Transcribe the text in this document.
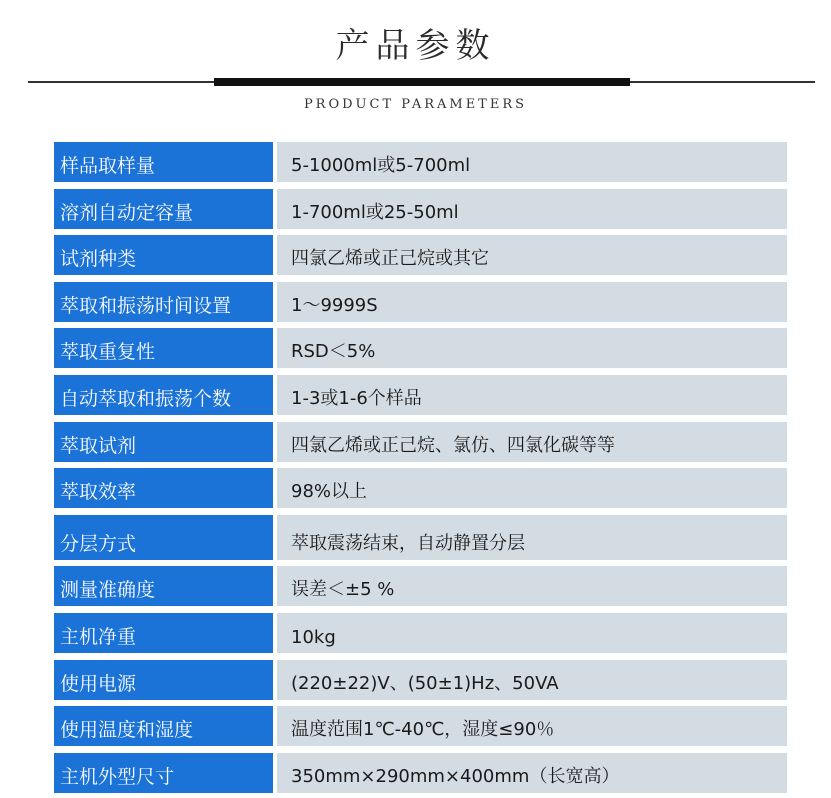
产品参数
PRODUCT PARAMETERS
样品取样量	5-1000ml或5-700ml
溶剂自动定容量	1-700ml或25-50ml
试剂种类	四氯乙烯或正己烷或其它
萃取和振荡时间设置	1～9999S
萃取重复性	RSD＜5%
自动萃取和振荡个数	1-3或1-6个样品
萃取试剂	四氯乙烯或正己烷、氯仿、四氯化碳等等
萃取效率	98%以上
分层方式	萃取震荡结束，自动静置分层
测量准确度	误差＜±5 %
主机净重	10kg
使用电源	(220±22)V、(50±1)Hz、50VA
使用温度和湿度	温度范围1℃-40℃，湿度≤90％
主机外型尺寸	350mm×290mm×400mm（长宽高）
